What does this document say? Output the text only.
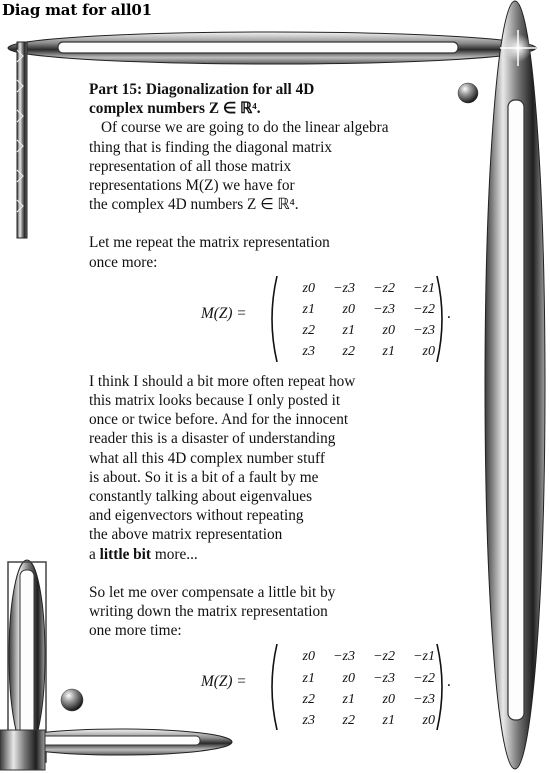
Diag mat for all01

Part 15: Diagonalization for all 4D

complex numbers Z ∈ ℝ⁴.

Of course we are going to do the linear algebra

thing that is finding the diagonal matrix

representation of all those matrix

representations M(Z) we have for

the complex 4D numbers Z ∈ ℝ⁴.

Let me repeat the matrix representation

once more:

M(Z) =
z0	−z3	−z2	−z1
z1	z0	−z3	−z2
z2	z1	z0	−z3
z3	z2	z1	z0
.

I think I should a bit more often repeat how

this matrix looks because I only posted it

once or twice before. And for the innocent

reader this is a disaster of understanding

what all this 4D complex number stuff

is about. So it is a bit of a fault by me

constantly talking about eigenvalues

and eigenvectors without repeating

the above matrix representation

a little bit more...

So let me over compensate a little bit by

writing down the matrix representation

one more time:

M(Z) =
z0	−z3	−z2	−z1
z1	z0	−z3	−z2
z2	z1	z0	−z3
z3	z2	z1	z0
.
